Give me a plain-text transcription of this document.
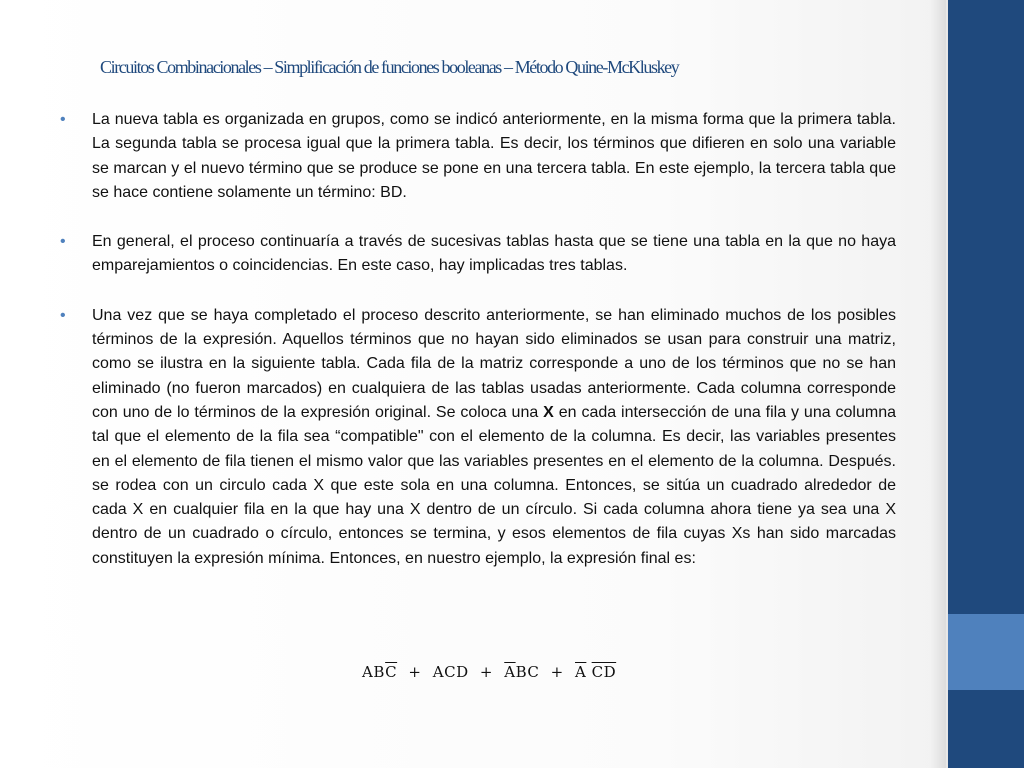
Circuitos Combinacionales – Simplificación de funciones booleanas – Método Quine-McKluskey
• La nueva tabla es organizada en grupos, como se indicó anteriormente, en la misma forma que la primera tabla. La segunda tabla se procesa igual que la primera tabla. Es decir, los términos que difieren en solo una variable se marcan y el nuevo término que se produce se pone en una tercera tabla. En este ejemplo, la tercera tabla que se hace contiene solamente un término: BD.
• En general, el proceso continuaría a través de sucesivas tablas hasta que se tiene una tabla en la que no haya emparejamientos o coincidencias. En este caso, hay implicadas tres tablas.
• Una vez que se haya completado el proceso descrito anteriormente, se han eliminado muchos de los posibles términos de la expresión. Aquellos términos que no hayan sido eliminados se usan para construir una matriz, como se ilustra en la siguiente tabla. Cada fila de la matriz corresponde a uno de los términos que no se han eliminado (no fueron marcados) en cualquiera de las tablas usadas anteriormente. Cada columna corresponde con uno de lo términos de la expresión original. Se coloca una X en cada intersección de una fila y una columna tal que el elemento de la fila sea “compatible" con el elemento de la columna. Es decir, las variables presentes en el elemento de fila tienen el mismo valor que las variables presentes en el elemento de la columna. Después. se rodea con un circulo cada X que este sola en una columna. Entonces, se sitúa un cuadrado alrededor de cada X en cualquier fila en la que hay una X dentro de un círculo. Si cada columna ahora tiene ya sea una X dentro de un cuadrado o círculo, entonces se termina, y esos elementos de fila cuyas Xs han sido marcadas constituyen la expresión mínima. Entonces, en nuestro ejemplo, la expresión final es:
$AB\overline{C}$ + ACD + $\overline{A}BC + \overline{A}$ $\overline{CD}$
